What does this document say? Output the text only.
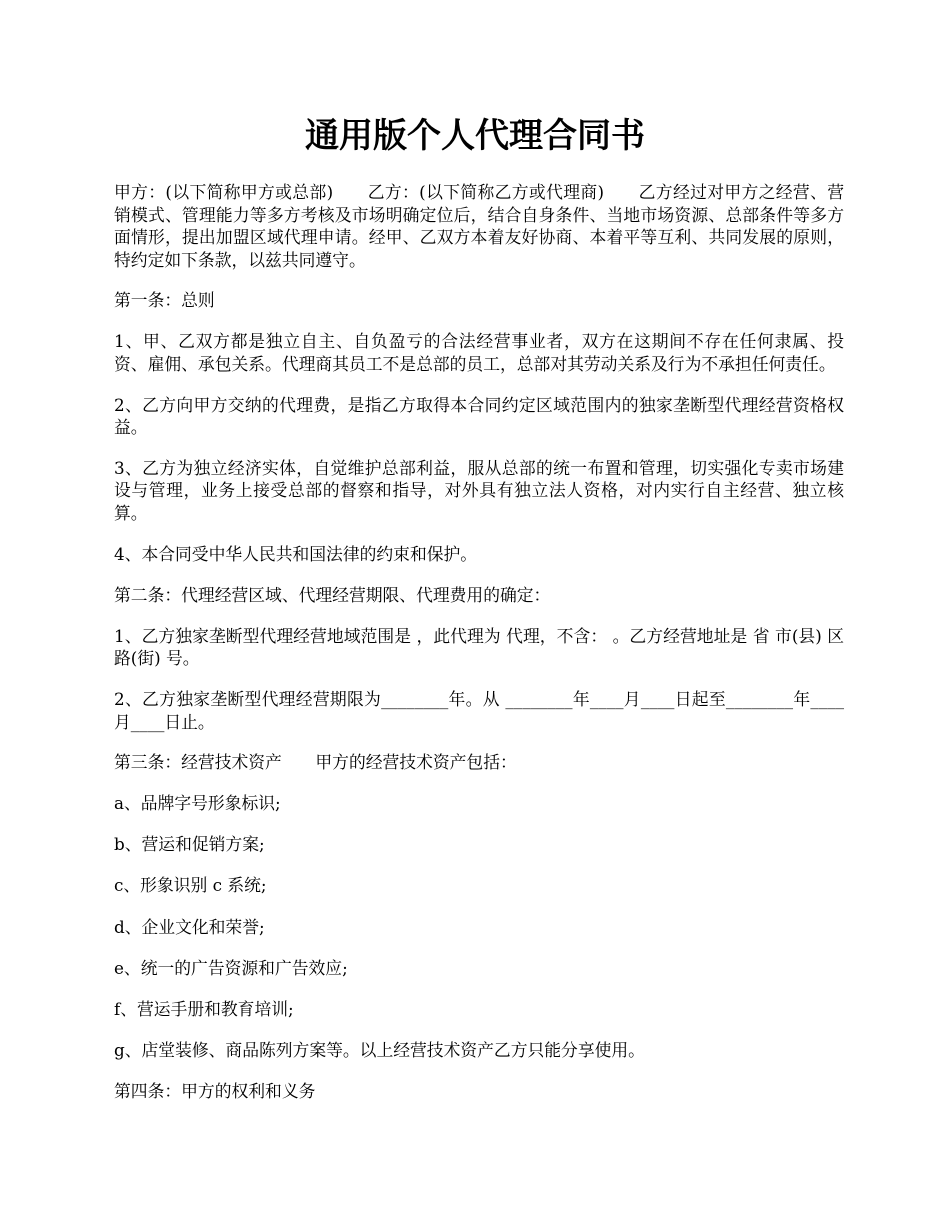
通用版个人代理合同书

甲方：(以下简称甲方或总部)　　乙方：(以下简称乙方或代理商)　　乙方经过对甲方之经营、营销模式、管理能力等多方考核及市场明确定位后，结合自身条件、当地市场资源、总部条件等多方面情形，提出加盟区域代理申请。经甲、乙双方本着友好协商、本着平等互利、共同发展的原则，特约定如下条款，以兹共同遵守。

第一条：总则

1、甲、乙双方都是独立自主、自负盈亏的合法经营事业者，双方在这期间不存在任何隶属、投资、雇佣、承包关系。代理商其员工不是总部的员工，总部对其劳动关系及行为不承担任何责任。

2、乙方向甲方交纳的代理费，是指乙方取得本合同约定区域范围内的独家垄断型代理经营资格权益。

3、乙方为独立经济实体，自觉维护总部利益，服从总部的统一布置和管理，切实强化专卖市场建设与管理，业务上接受总部的督察和指导，对外具有独立法人资格，对内实行自主经营、独立核算。

4、本合同受中华人民共和国法律的约束和保护。

第二条：代理经营区域、代理经营期限、代理费用的确定：

1、乙方独家垄断型代理经营地域范围是 ，此代理为 代理，不含： 。乙方经营地址是 省 市(县) 区 路(街) 号。

2、乙方独家垄断型代理经营期限为________年。从 ________年____月____日起至________年____月____日止。

第三条：经营技术资产　　甲方的经营技术资产包括：

a、品牌字号形象标识;

b、营运和促销方案;

c、形象识别 c 系统;

d、企业文化和荣誉;

e、统一的广告资源和广告效应;

f、营运手册和教育培训;

g、店堂装修、商品陈列方案等。以上经营技术资产乙方只能分享使用。

第四条：甲方的权利和义务
